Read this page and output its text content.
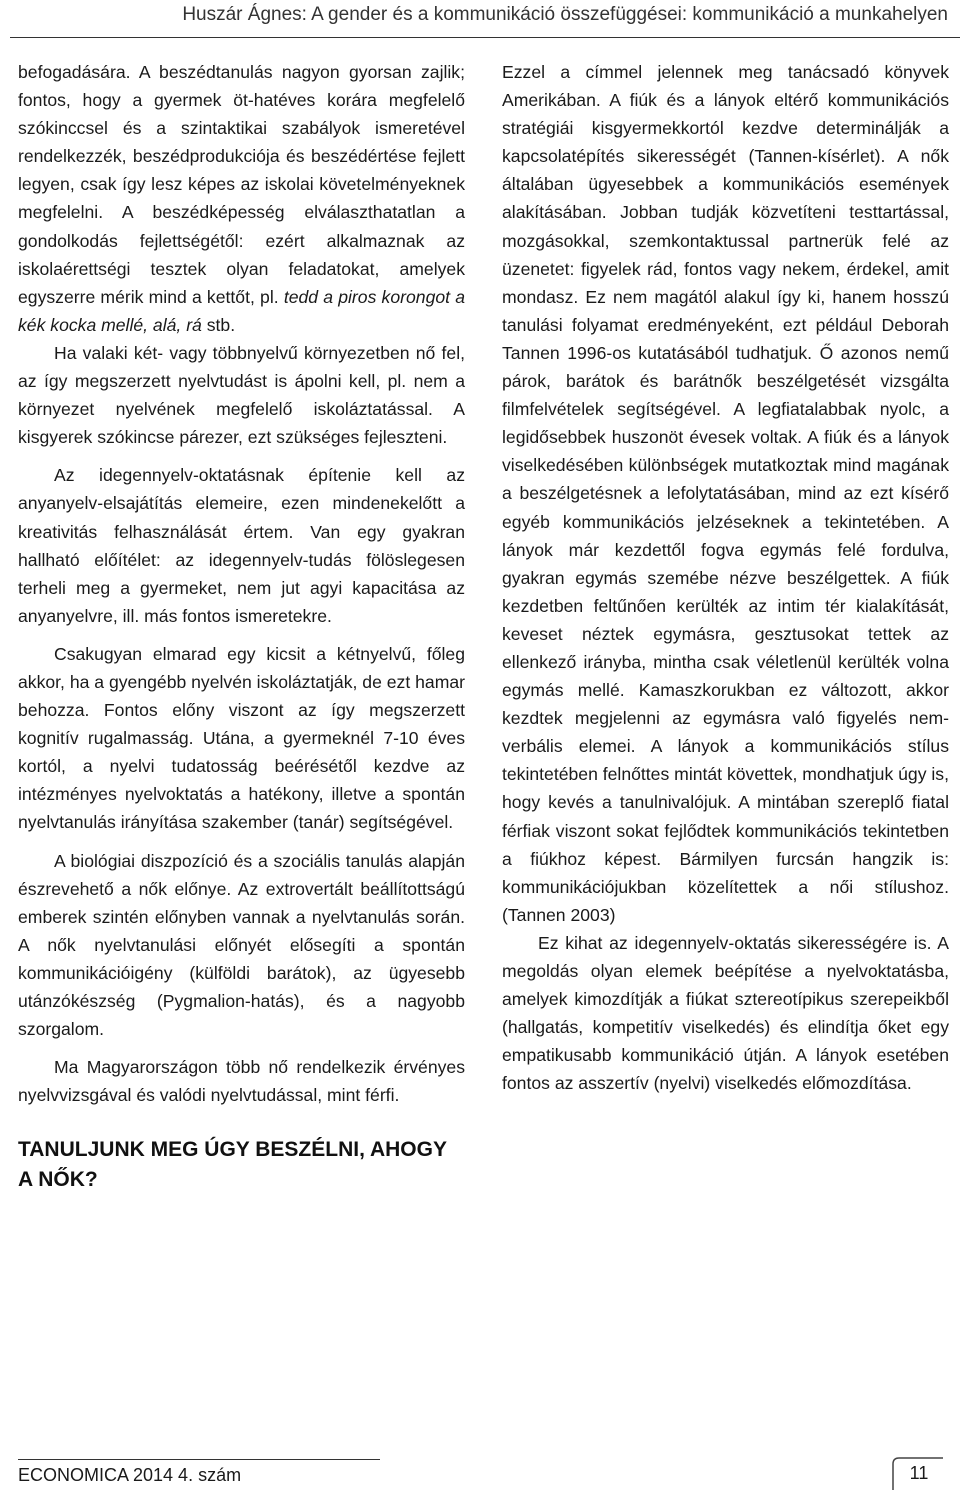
Huszár Ágnes: A gender és a kommunikáció összefüggései: kommunikáció a munkahelyen

befogadására. A beszédtanulás nagyon gyorsan zajlik; fontos, hogy a gyermek öt-hatéves korára megfelelő szókinccsel és a szintaktikai szabályok ismeretével rendelkezzék, beszédprodukciója és beszédértése fejlett legyen, csak így lesz képes az iskolai követelményeknek megfelelni. A beszédképesség elválaszthatatlan a gondolkodás fejlettségétől: ezért alkalmaznak az iskolaérettségi tesztek olyan feladatokat, amelyek egyszerre mérik mind a kettőt, pl. tedd a piros korongot a kék kocka mellé, alá, rá stb.

Ha valaki két- vagy többnyelvű környezetben nő fel, az így megszerzett nyelvtudást is ápolni kell, pl. nem a környezet nyelvének megfelelő iskoláztatással. A kisgyerek szókincse párezer, ezt szükséges fejleszteni.

Az idegennyelv-oktatásnak építenie kell az anyanyelv-elsajátítás elemeire, ezen mindenekelőtt a kreativitás felhasználását értem. Van egy gyakran hallható előítélet: az idegennyelv-tudás fölöslegesen terheli meg a gyermeket, nem jut agyi kapacitása az anyanyelvre, ill. más fontos ismeretekre.

Csakugyan elmarad egy kicsit a kétnyelvű, főleg akkor, ha a gyengébb nyelvén iskoláztatják, de ezt hamar behozza. Fontos előny viszont az így megszerzett kognitív rugalmasság. Utána, a gyermeknél 7-10 éves kortól, a nyelvi tudatosság beérésétől kezdve az intézményes nyelvoktatás a hatékony, illetve a spontán nyelvtanulás irányítása szakember (tanár) segítségével.

A biológiai diszpozíció és a szociális tanulás alapján észrevehető a nők előnye. Az extrovertált beállítottságú emberek szintén előnyben vannak a nyelvtanulás során. A nők nyelvtanulási előnyét elősegíti a spontán kommunikációigény (külföldi barátok), az ügyesebb utánzókészség (Pygmalion-hatás), és a nagyobb szorgalom.

Ma Magyarországon több nő rendelkezik érvényes nyelvvizsgával és valódi nyelvtudással, mint férfi.

TANULJUNK MEG ÚGY BESZÉLNI, AHOGY A NŐK?

Ezzel a címmel jelennek meg tanácsadó könyvek Amerikában. A fiúk és a lányok eltérő kommunikációs stratégiái kisgyermekkortól kezdve determinálják a kapcsolatépítés sikerességét (Tannen-kísérlet). A nők általában ügyesebbek a kommunikációs események alakításában. Jobban tudják közvetíteni testtartással, mozgásokkal, szemkontaktussal partnerük felé az üzenetet: figyelek rád, fontos vagy nekem, érdekel, amit mondasz. Ez nem magától alakul így ki, hanem hosszú tanulási folyamat eredményeként, ezt például Deborah Tannen 1996-os kutatásából tudhatjuk. Ő azonos nemű párok, barátok és barátnők beszélgetését vizsgálta filmfelvételek segítségével. A legfiatalabbak nyolc, a legidősebbek huszonöt évesek voltak. A fiúk és a lányok viselkedésében különbségek mutatkoztak mind magának a beszélgetésnek a lefolytatásában, mind az ezt kísérő egyéb kommunikációs jelzéseknek a tekintetében. A lányok már kezdettől fogva egymás felé fordulva, gyakran egymás szemébe nézve beszélgettek. A fiúk kezdetben feltűnően kerülték az intim tér kialakítását, keveset néztek egymásra, gesztusokat tettek az ellenkező irányba, mintha csak véletlenül kerülték volna egymás mellé. Kamaszkorukban ez változott, akkor kezdtek megjelenni az egymásra való figyelés nem-verbális elemei. A lányok a kommunikációs stílus tekintetében felnőttes mintát követtek, mondhatjuk úgy is, hogy kevés a tanulnivalójuk. A mintában szereplő fiatal férfiak viszont sokat fejlődtek kommunikációs tekintetben a fiúkhoz képest. Bármilyen furcsán hangzik is: kommunikációjukban közelítettek a női stílushoz. (Tannen 2003)

Ez kihat az idegennyelv-oktatás sikerességére is. A megoldás olyan elemek beépítése a nyelvoktatásba, amelyek kimozdítják a fiúkat sztereotípikus szerepeikből (hallgatás, kompetitív viselkedés) és elindítja őket egy empatikusabb kommunikáció útján. A lányok esetében fontos az asszertív (nyelvi) viselkedés előmozdítása.

ECONOMICA 2014 4. szám	11
